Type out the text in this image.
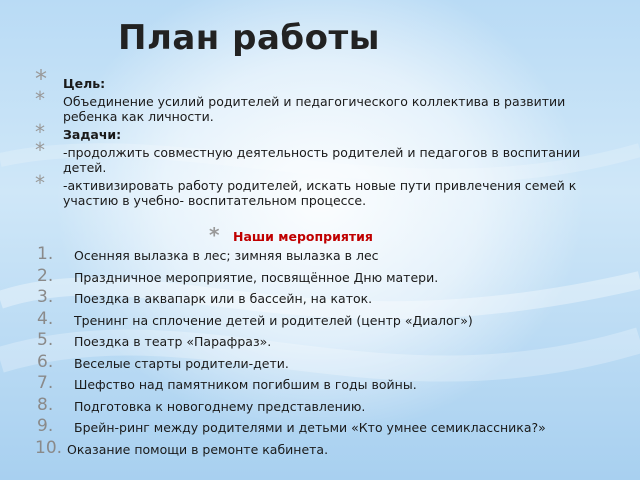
План работы
* Цель:
* Объединение усилий родителей и педагогического коллектива в развитии ребенка как личности.
* Задачи:
* -продолжить совместную деятельность родителей и педагогов в воспитании детей.
* -активизировать работу родителей, искать новые пути привлечения семей к участию в учебно- воспитательном процессе.
* Наши мероприятия
1. Осенняя вылазка в лес; зимняя вылазка в лес
2. Праздничное мероприятие, посвящённое Дню матери.
3. Поездка в аквапарк или в бассейн, на каток.
4. Тренинг на сплочение детей и родителей (центр «Диалог»)
5. Поездка в театр «Парафраз».
6. Веселые старты родители-дети.
7. Шефство над памятником погибшим в годы войны.
8. Подготовка к новогоднему представлению.
9. Брейн-ринг между родителями и детьми «Кто умнее семиклассника?»
10. Оказание помощи в ремонте кабинета.
